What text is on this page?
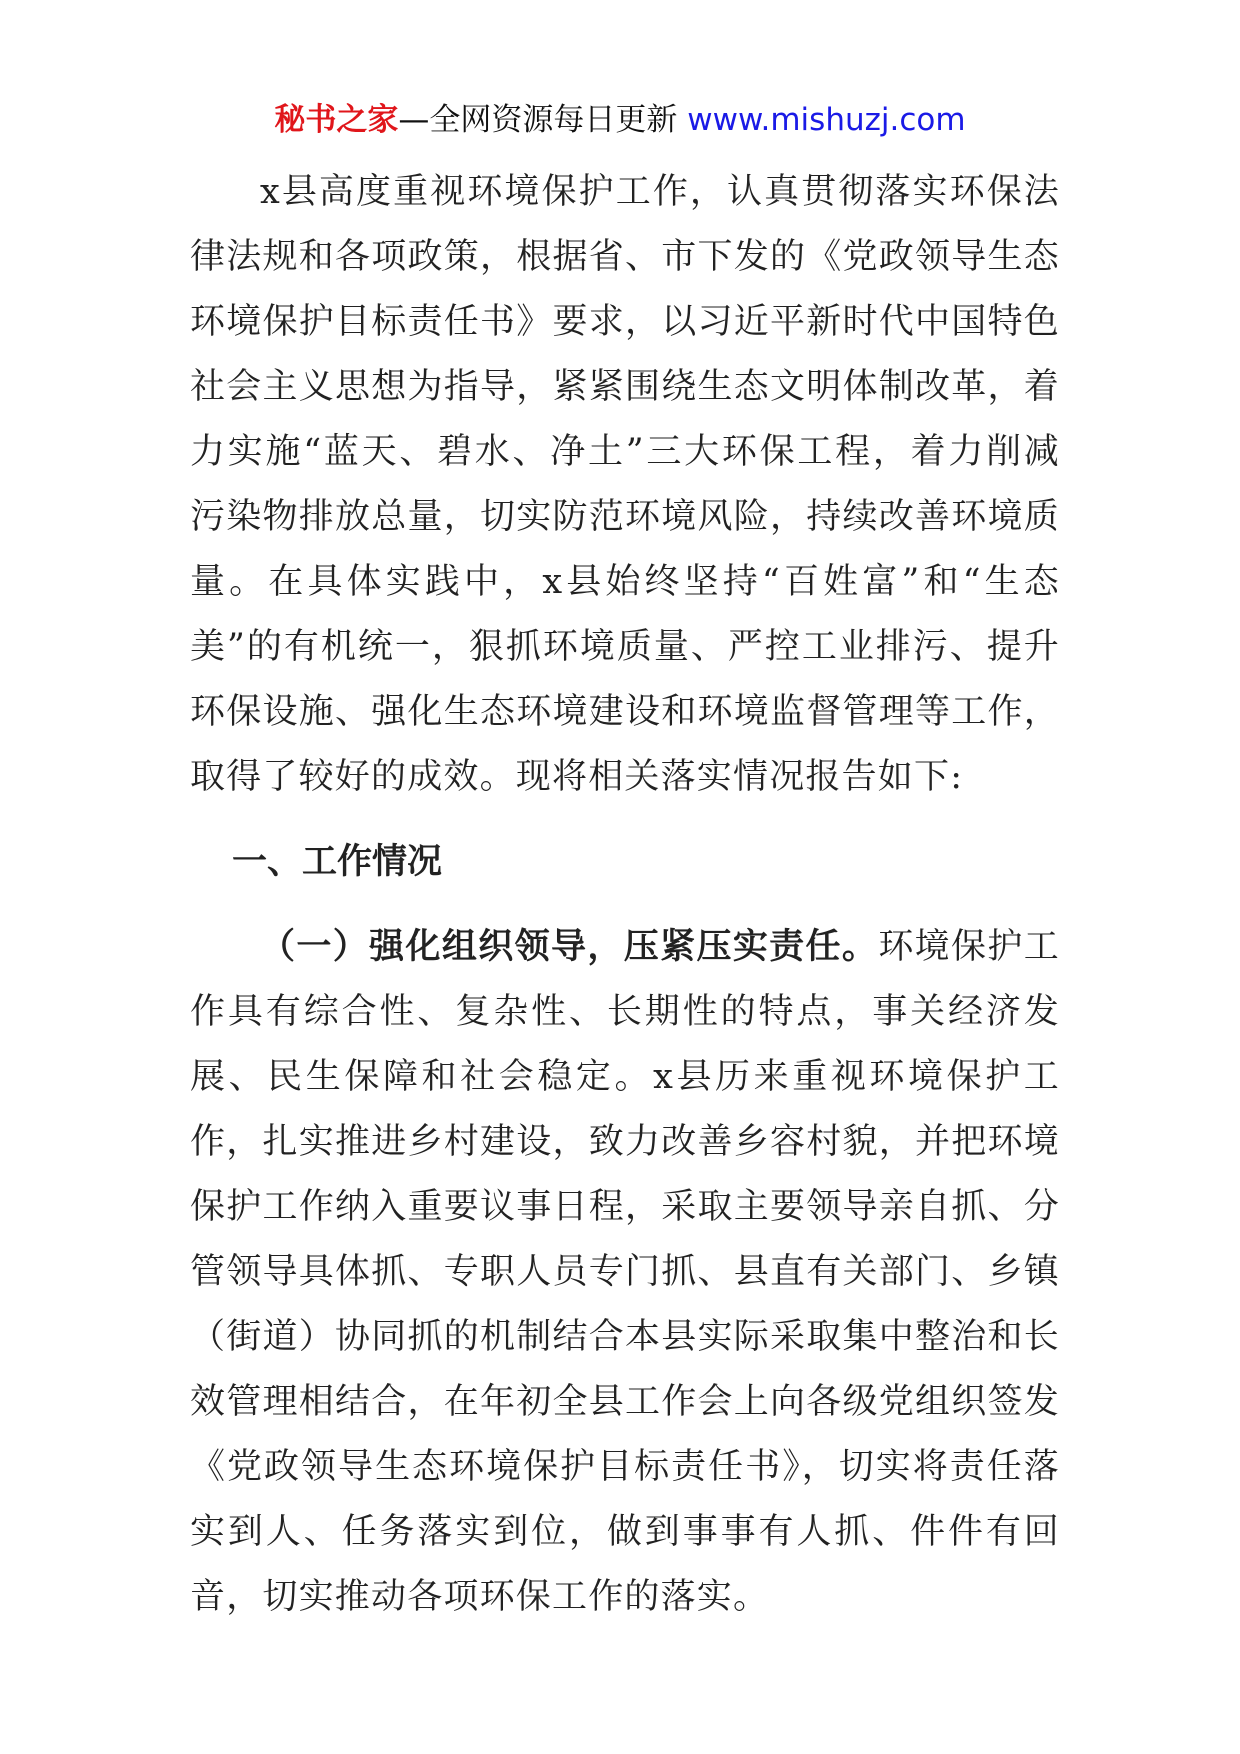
秘书之家—全网资源每日更新 www.mishuzj.com

x县高度重视环境保护工作，认真贯彻落实环保法律法规和各项政策，根据省、市下发的《党政领导生态环境保护目标责任书》要求，以习近平新时代中国特色社会主义思想为指导，紧紧围绕生态文明体制改革，着力实施“蓝天、碧水、净土”三大环保工程，着力削减污染物排放总量，切实防范环境风险，持续改善环境质量。在具体实践中，x县始终坚持“百姓富”和“生态美”的有机统一，狠抓环境质量、严控工业排污、提升环保设施、强化生态环境建设和环境监督管理等工作，取得了较好的成效。现将相关落实情况报告如下:

一、工作情况

（一）强化组织领导，压紧压实责任。环境保护工作具有综合性、复杂性、长期性的特点，事关经济发展、民生保障和社会稳定。x县历来重视环境保护工作，扎实推进乡村建设，致力改善乡容村貌，并把环境保护工作纳入重要议事日程，采取主要领导亲自抓、分管领导具体抓、专职人员专门抓、县直有关部门、乡镇（街道）协同抓的机制结合本县实际采取集中整治和长效管理相结合，在年初全县工作会上向各级党组织签发《党政领导生态环境保护目标责任书》，切实将责任落实到人、任务落实到位，做到事事有人抓、件件有回音，切实推动各项环保工作的落实。
